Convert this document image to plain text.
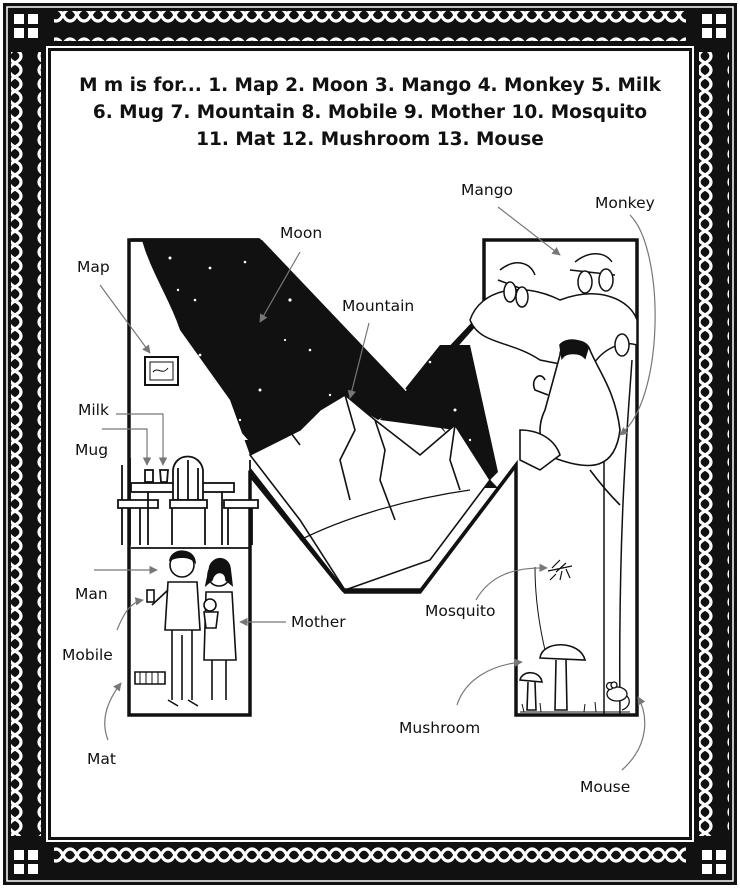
M m is for... 1. Map 2. Moon 3. Mango 4. Monkey 5. Milk
6. Mug 7. Mountain 8. Mobile 9. Mother 10. Mosquito
11. Mat 12. Mushroom 13. Mouse
Map
Moon
Mango
Monkey
Mountain
Milk
Mug
Man
Mobile
Mother
Mosquito
Mushroom
Mat
Mouse
